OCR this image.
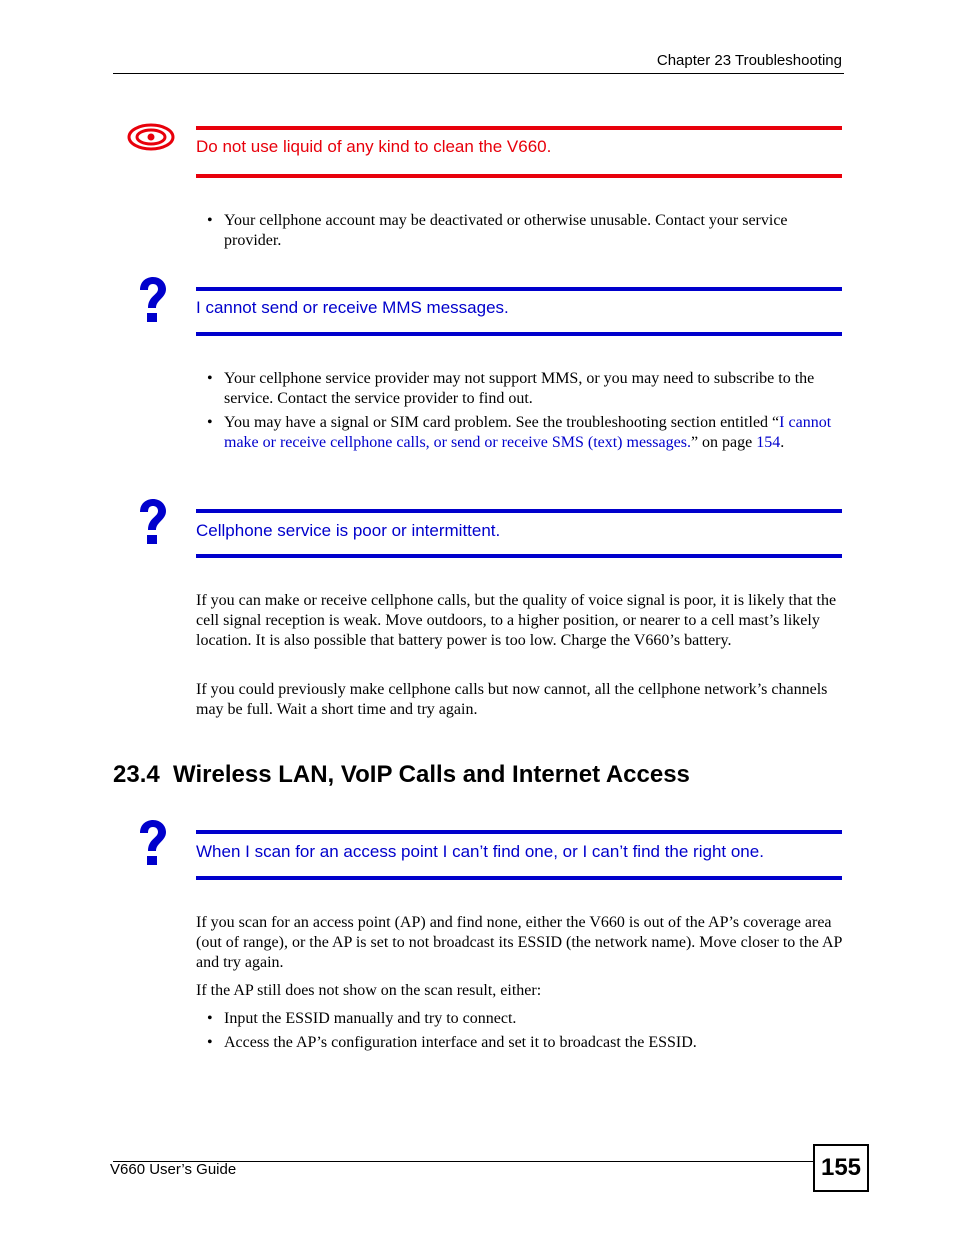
Chapter 23 Troubleshooting
Do not use liquid of any kind to clean the V660.
• Your cellphone account may be deactivated or otherwise unusable. Contact your service provider.
I cannot send or receive MMS messages.
• Your cellphone service provider may not support MMS, or you may need to subscribe to the service. Contact the service provider to find out.
• You may have a signal or SIM card problem. See the troubleshooting section entitled “I cannot make or receive cellphone calls, or send or receive SMS (text) messages.” on page 154.
Cellphone service is poor or intermittent.
If you can make or receive cellphone calls, but the quality of voice signal is poor, it is likely that the cell signal reception is weak. Move outdoors, to a higher position, or nearer to a cell mast’s likely location. It is also possible that battery power is too low. Charge the V660’s battery.
If you could previously make cellphone calls but now cannot, all the cellphone network’s channels may be full. Wait a short time and try again.
23.4  Wireless LAN, VoIP Calls and Internet Access
When I scan for an access point I can’t find one, or I can’t find the right one.
If you scan for an access point (AP) and find none, either the V660 is out of the AP’s coverage area (out of range), or the AP is set to not broadcast its ESSID (the network name). Move closer to the AP and try again.
If the AP still does not show on the scan result, either:
• Input the ESSID manually and try to connect.
• Access the AP’s configuration interface and set it to broadcast the ESSID.
V660 User’s Guide	155
